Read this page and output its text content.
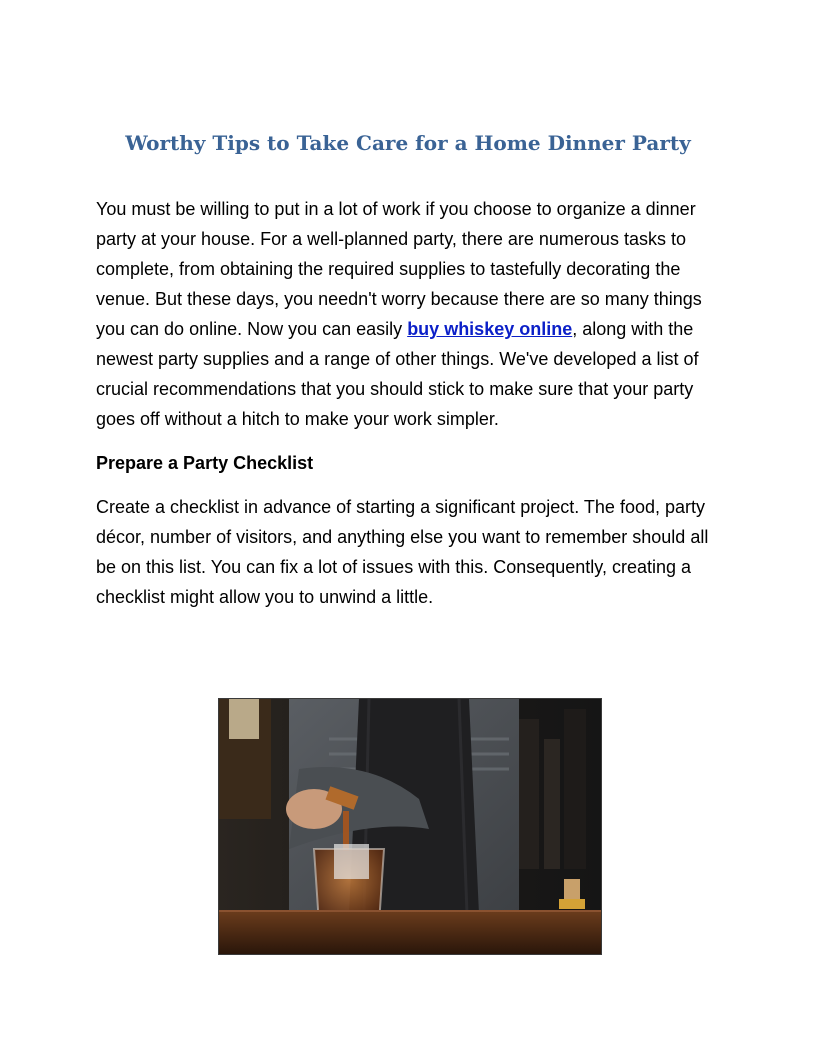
Worthy Tips to Take Care for a Home Dinner Party

You must be willing to put in a lot of work if you choose to organize a dinner party at your house. For a well-planned party, there are numerous tasks to complete, from obtaining the required supplies to tastefully decorating the venue. But these days, you needn't worry because there are so many things you can do online. Now you can easily buy whiskey online, along with the newest party supplies and a range of other things. We've developed a list of crucial recommendations that you should stick to make sure that your party goes off without a hitch to make your work simpler.

Prepare a Party Checklist

Create a checklist in advance of starting a significant project. The food, party décor, number of visitors, and anything else you want to remember should all be on this list. You can fix a lot of issues with this. Consequently, creating a checklist might allow you to unwind a little.
